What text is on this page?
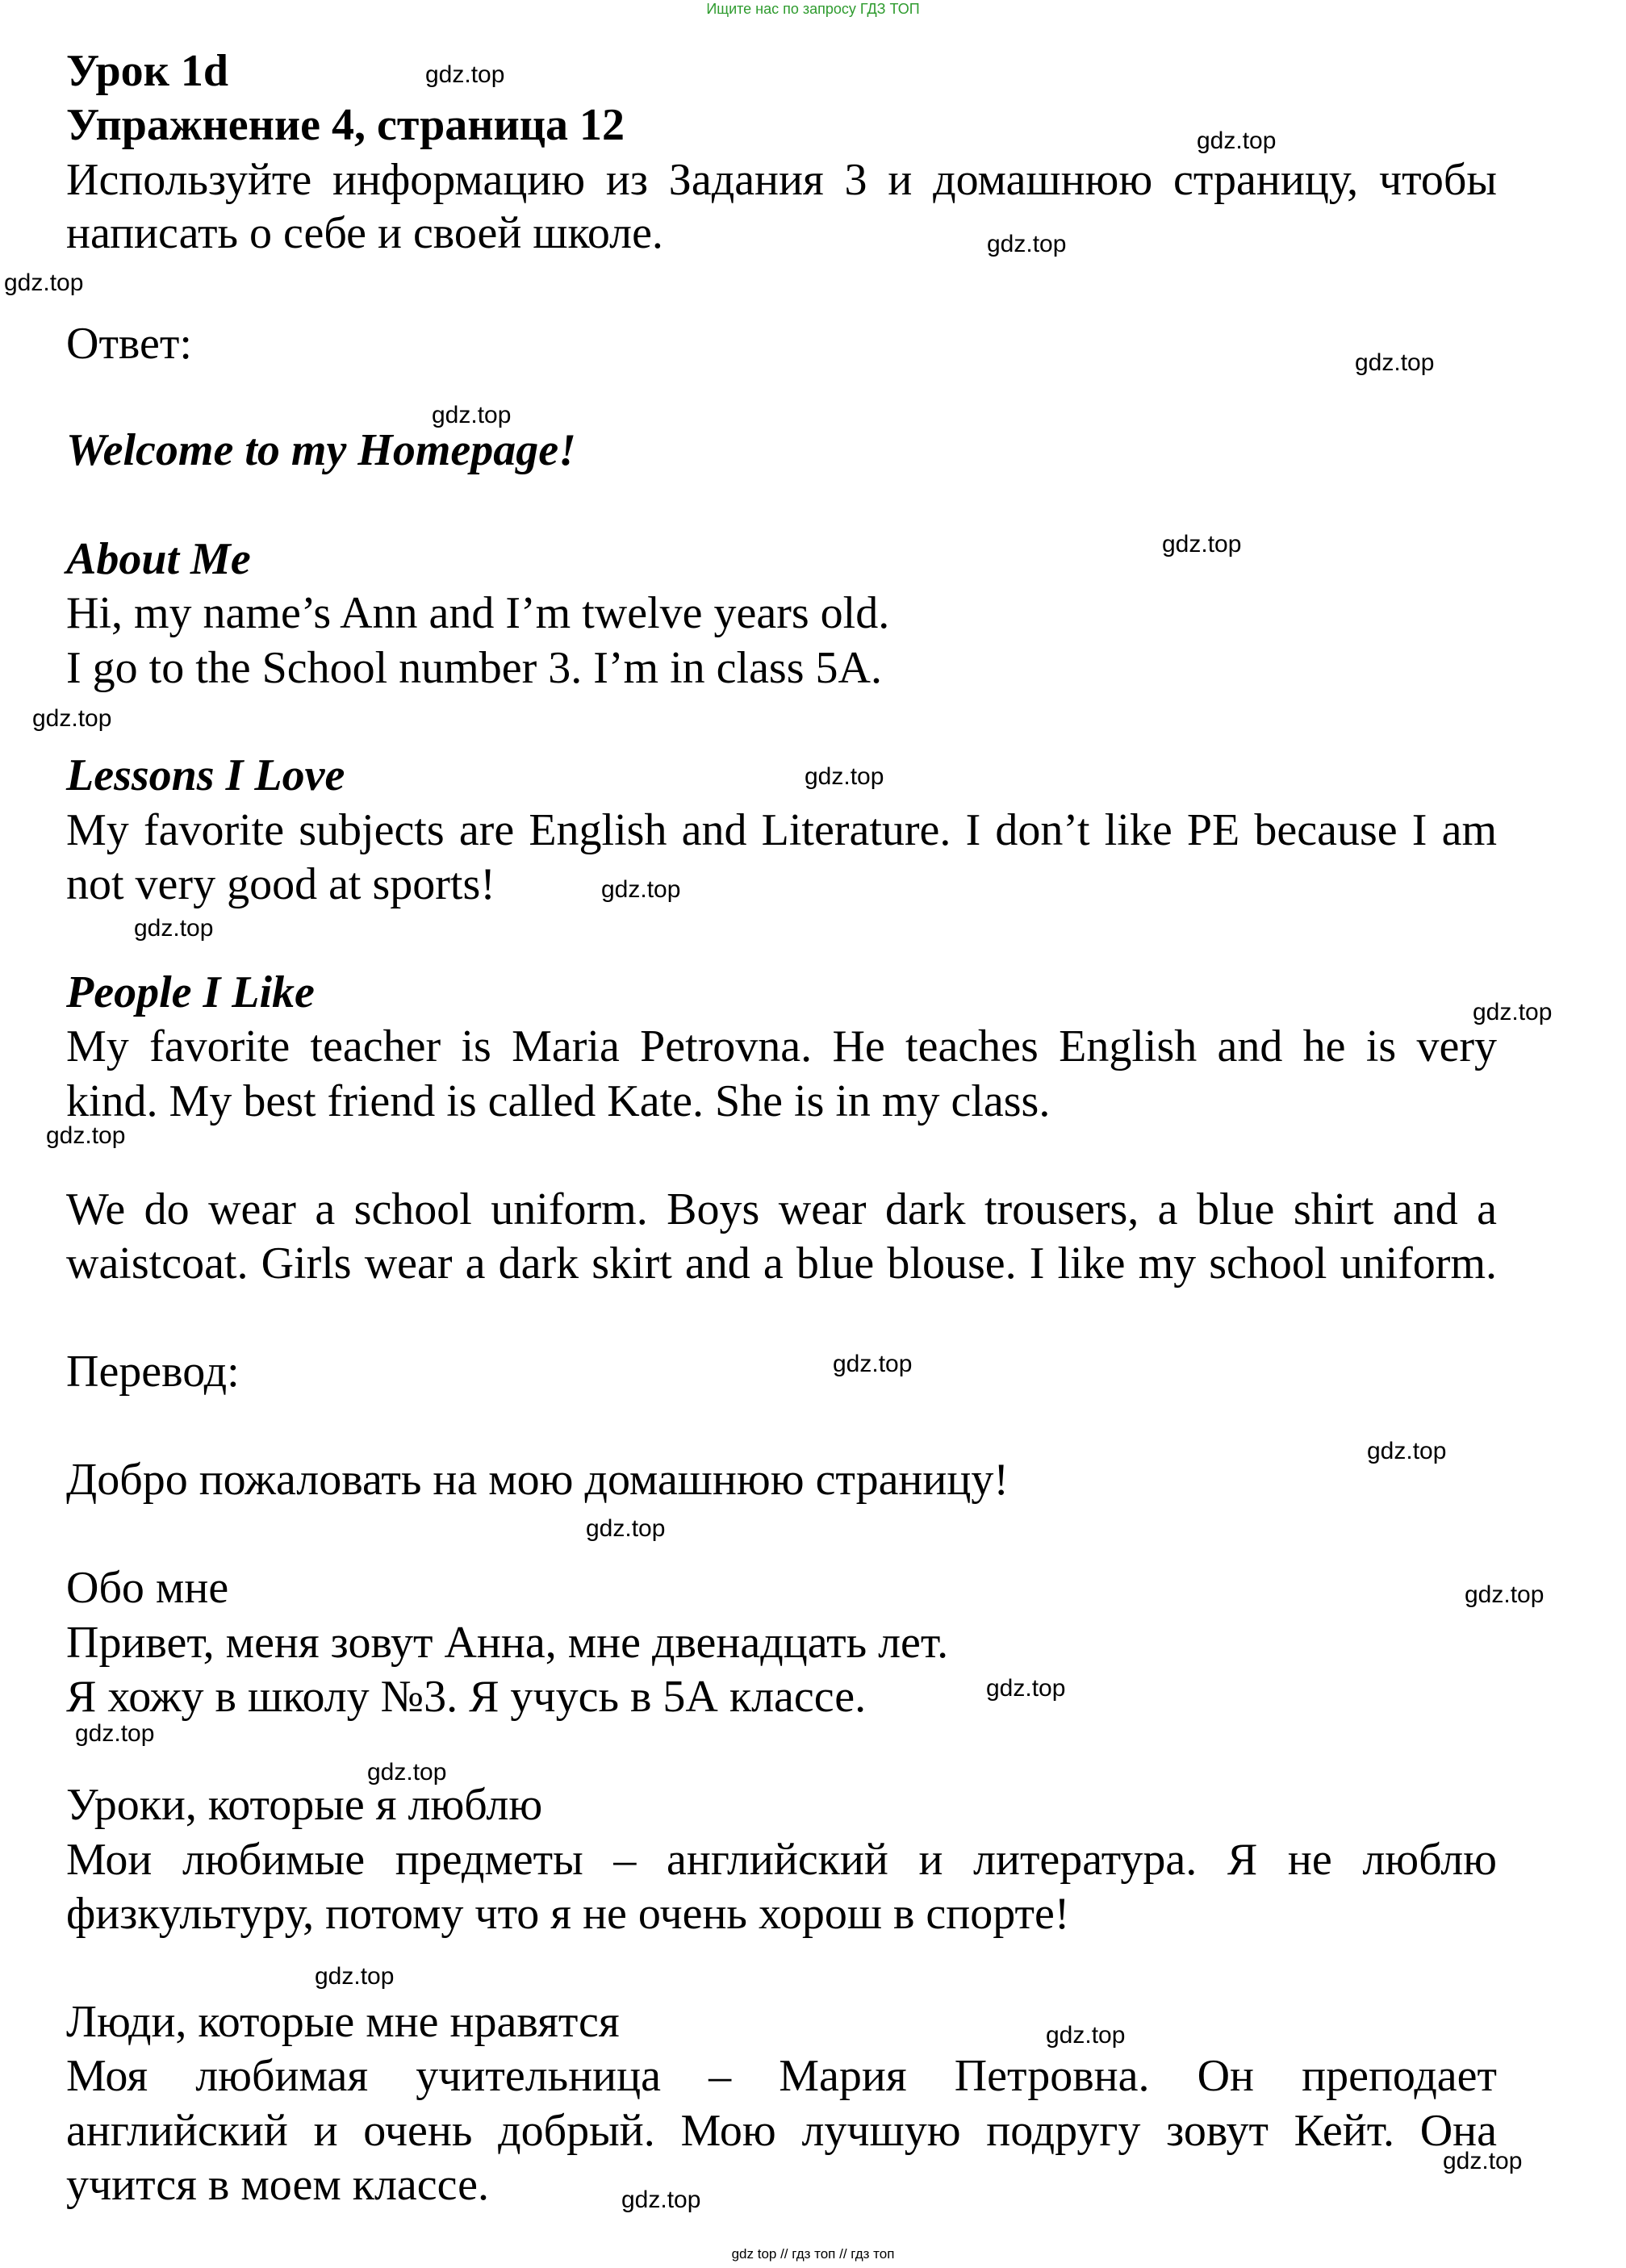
Ищите нас по запросу ГДЗ ТОП
Урок 1d
Упражнение 4, страница 12
Используйте информацию из Задания 3 и домашнюю страницу, чтобы
написать о себе и своей школе.
Ответ:
Welcome to my Homepage!
About Me
Hi, my name’s Ann and I’m twelve years old.
I go to the School number 3. I’m in class 5A.
Lessons I Love
My favorite subjects are English and Literature. I don’t like PE because I am
not very good at sports!
People I Like
My favorite teacher is Maria Petrovna. He teaches English and he is very
kind. My best friend is called Kate. She is in my class.
We do wear a school uniform. Boys wear dark trousers, a blue shirt and a
waistcoat. Girls wear a dark skirt and a blue blouse. I like my school uniform.
Перевод:
Добро пожаловать на мою домашнюю страницу!
Обо мне
Привет, меня зовут Анна, мне двенадцать лет.
Я хожу в школу №3. Я учусь в 5А классе.
Уроки, которые я люблю
Мои любимые предметы – английский и литература. Я не люблю
физкультуру, потому что я не очень хорош в спорте!
Люди, которые мне нравятся
Моя любимая учительница – Мария Петровна. Он преподает
английский и очень добрый. Мою лучшую подругу зовут Кейт. Она
учится в моем классе.
gdz.top
gdz.top
gdz.top
gdz.top
gdz.top
gdz.top
gdz.top
gdz.top
gdz.top
gdz.top
gdz.top
gdz.top
gdz.top
gdz.top
gdz.top
gdz.top
gdz.top
gdz.top
gdz.top
gdz.top
gdz.top
gdz.top
gdz.top
gdz.top
gdz top // гдз топ // гдз топ
